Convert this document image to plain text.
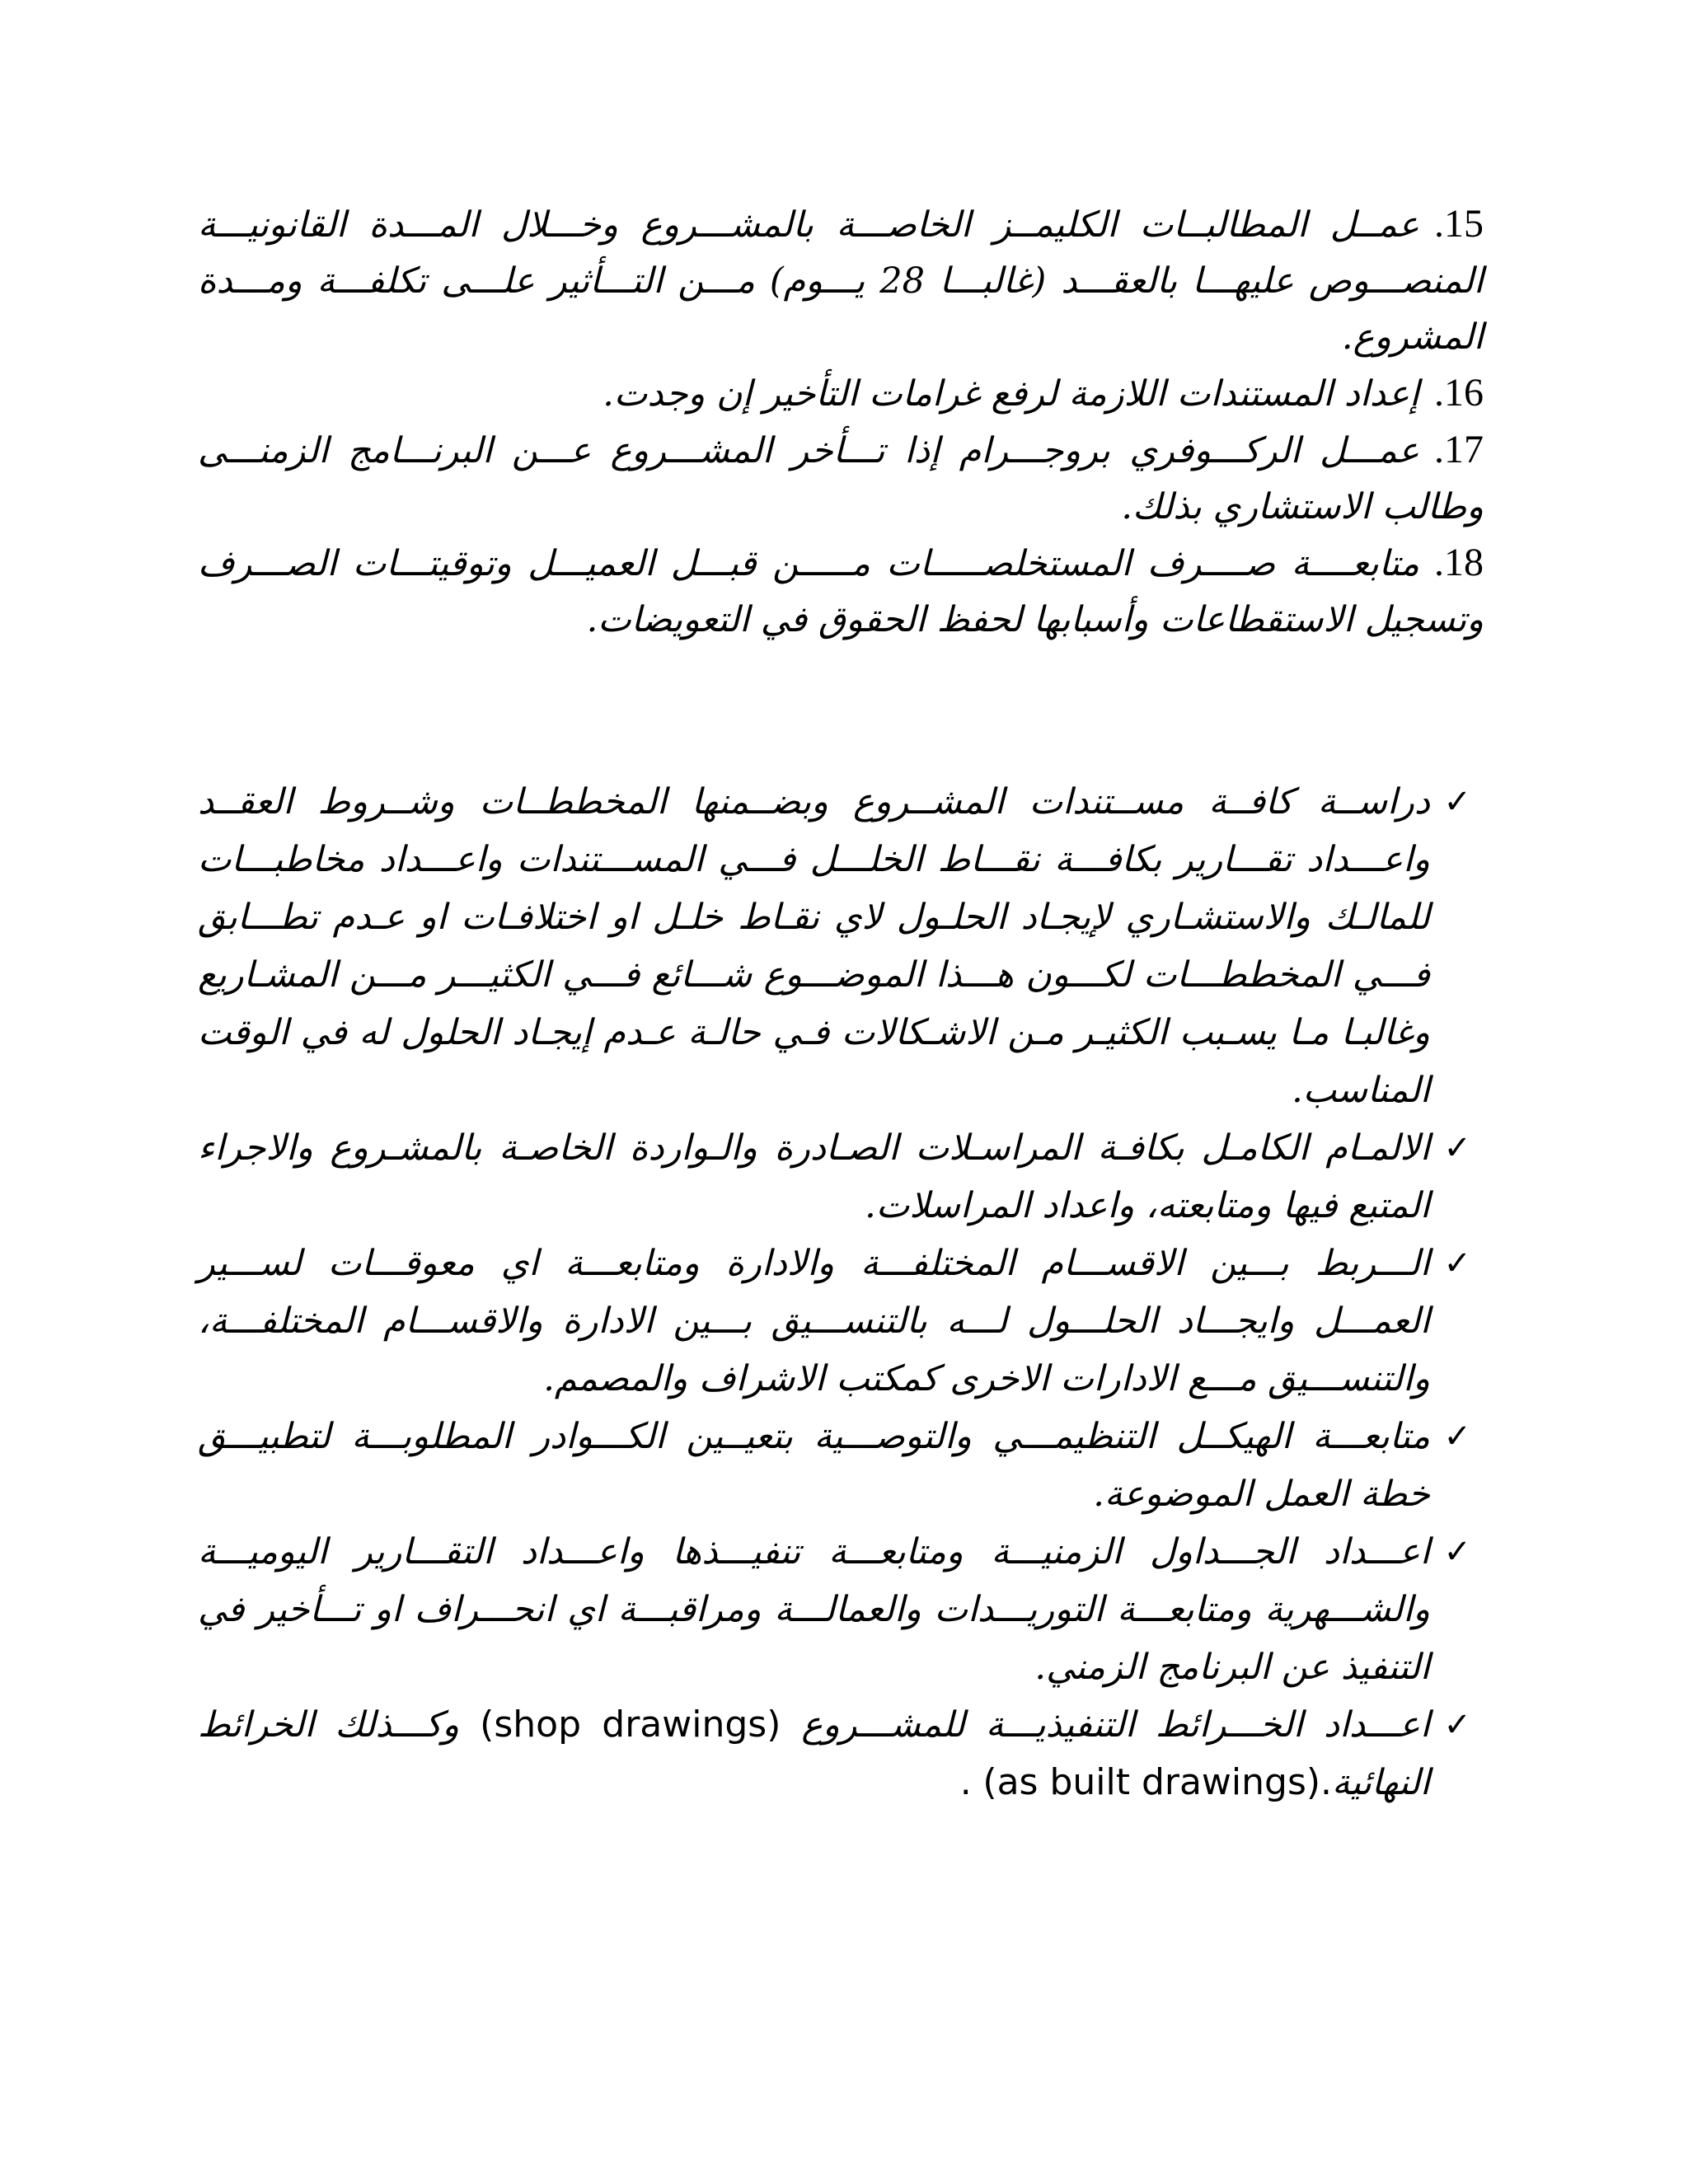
15.عمــل المطالبــات الكليمــز الخاصـــة بالمشـــروع وخـــلال المـــدة القانونيـــة المنصـــوص عليهـــا بالعقـــد (غالبـــا 28 يـــوم) مـــن التـــأثير علـــى تكلفـــة ومـــدة المشروع.

16.إعداد المستندات اللازمة لرفع غرامات التأخير إن وجدت.

17.عمـــل الركـــوفري بروجـــرام إذا تـــأخر المشـــروع عـــن البرنـــامج الزمنـــى وطالب الاستشاري بذلك.

18.متابعــــة صــــرف المستخلصـــــات مـــــن قبـــل العميـــل وتوقيتـــات الصـــرف وتسجيل الاستقطاعات وأسبابها لحفظ الحقوق في التعويضات.

✓
دراســة كافــة مســتندات المشــروع وبضــمنها المخططــات وشــروط العقــد واعـــداد تقـــارير بكافـــة نقـــاط الخلـــل فـــي المســـتندات واعـــداد مخاطبـــات للمالـك والاستشـاري لإيجـاد الحلـول لاي نقـاط خلـل او اختلافـات او عـدم تطـــابق فـــي المخططـــات لكـــون هـــذا الموضـــوع شـــائع فـــي الكثيـــر مـــن المشـاريع وغالبـا مـا يسـبب الكثيـر مـن الاشـكالات فـي حالـة عـدم إيجـاد الحلول له في الوقت المناسب.
✓
الالمـام الكامـل بكافـة المراسـلات الصـادرة والـواردة الخاصـة بالمشـروع والاجراء المتبع فيها ومتابعته، واعداد المراسلات.
✓
الـــربط بـــين الاقســـام المختلفـــة والادارة ومتابعـــة اي معوقـــات لســـير العمـــل وايجـــاد الحلـــول لـــه بالتنســـيق بـــين الادارة والاقســـام المختلفـــة، والتنســـيق مـــع الادارات الاخرى كمكتب الاشراف والمصمم.
✓
متابعـــة الهيكــل التنظيمـــي والتوصـــية بتعيــين الكـــوادر المطلوبـــة لتطبيـــق خطة العمل الموضوعة.
✓
اعـــداد الجـــداول الزمنيـــة ومتابعـــة تنفيـــذها واعـــداد التقـــارير اليوميـــة والشـــهرية ومتابعـــة التوريـــدات والعمالـــة ومراقبـــة اي انحـــراف او تـــأخير في التنفيذ عن البرنامج الزمني.
✓
اعـــداد الخـــرائط التنفيذيـــة للمشـــروع (shop drawings) وكـــذلك الخرائط النهائية(as built drawings). .
